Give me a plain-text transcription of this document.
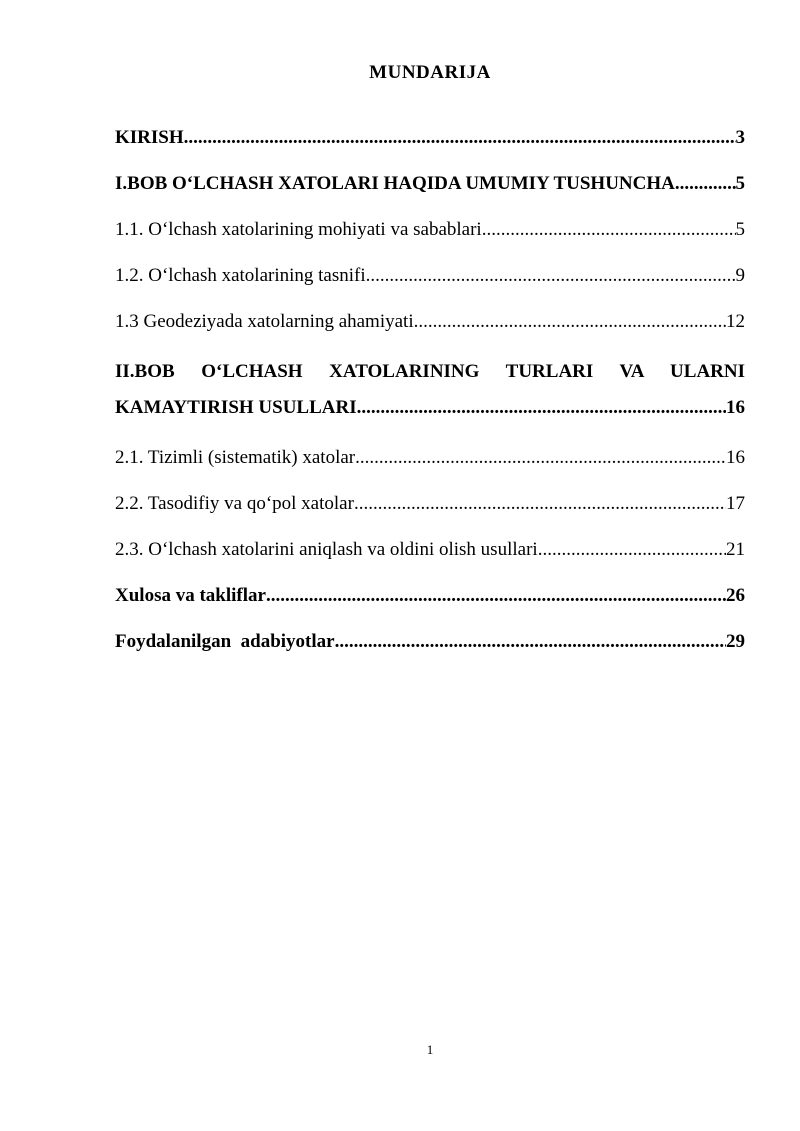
MUNDARIJA
KIRISH .....	3
I.BOB O‘LCHASH XATOLARI HAQIDA UMUMIY TUSHUNCHA .....	5
1.1. O‘lchash xatolarining mohiyati va sabablari .....	5
1.2. O‘lchash xatolarining tasnifi .....	9
1.3 Geodeziyada xatolarning ahamiyati .....	12
II.BOB O‘LCHASH XATOLARINING TURLARI VA ULARNI
KAMAYTIRISH USULLARI .....	16
2.1. Tizimli (sistematik) xatolar .....	16
2.2. Tasodifiy va qo‘pol xatolar .....	17
2.3. O‘lchash xatolarini aniqlash va oldini olish usullari .....	21
Xulosa va takliflar .....	26
Foydalanilgan  adabiyotlar .....	29
1
